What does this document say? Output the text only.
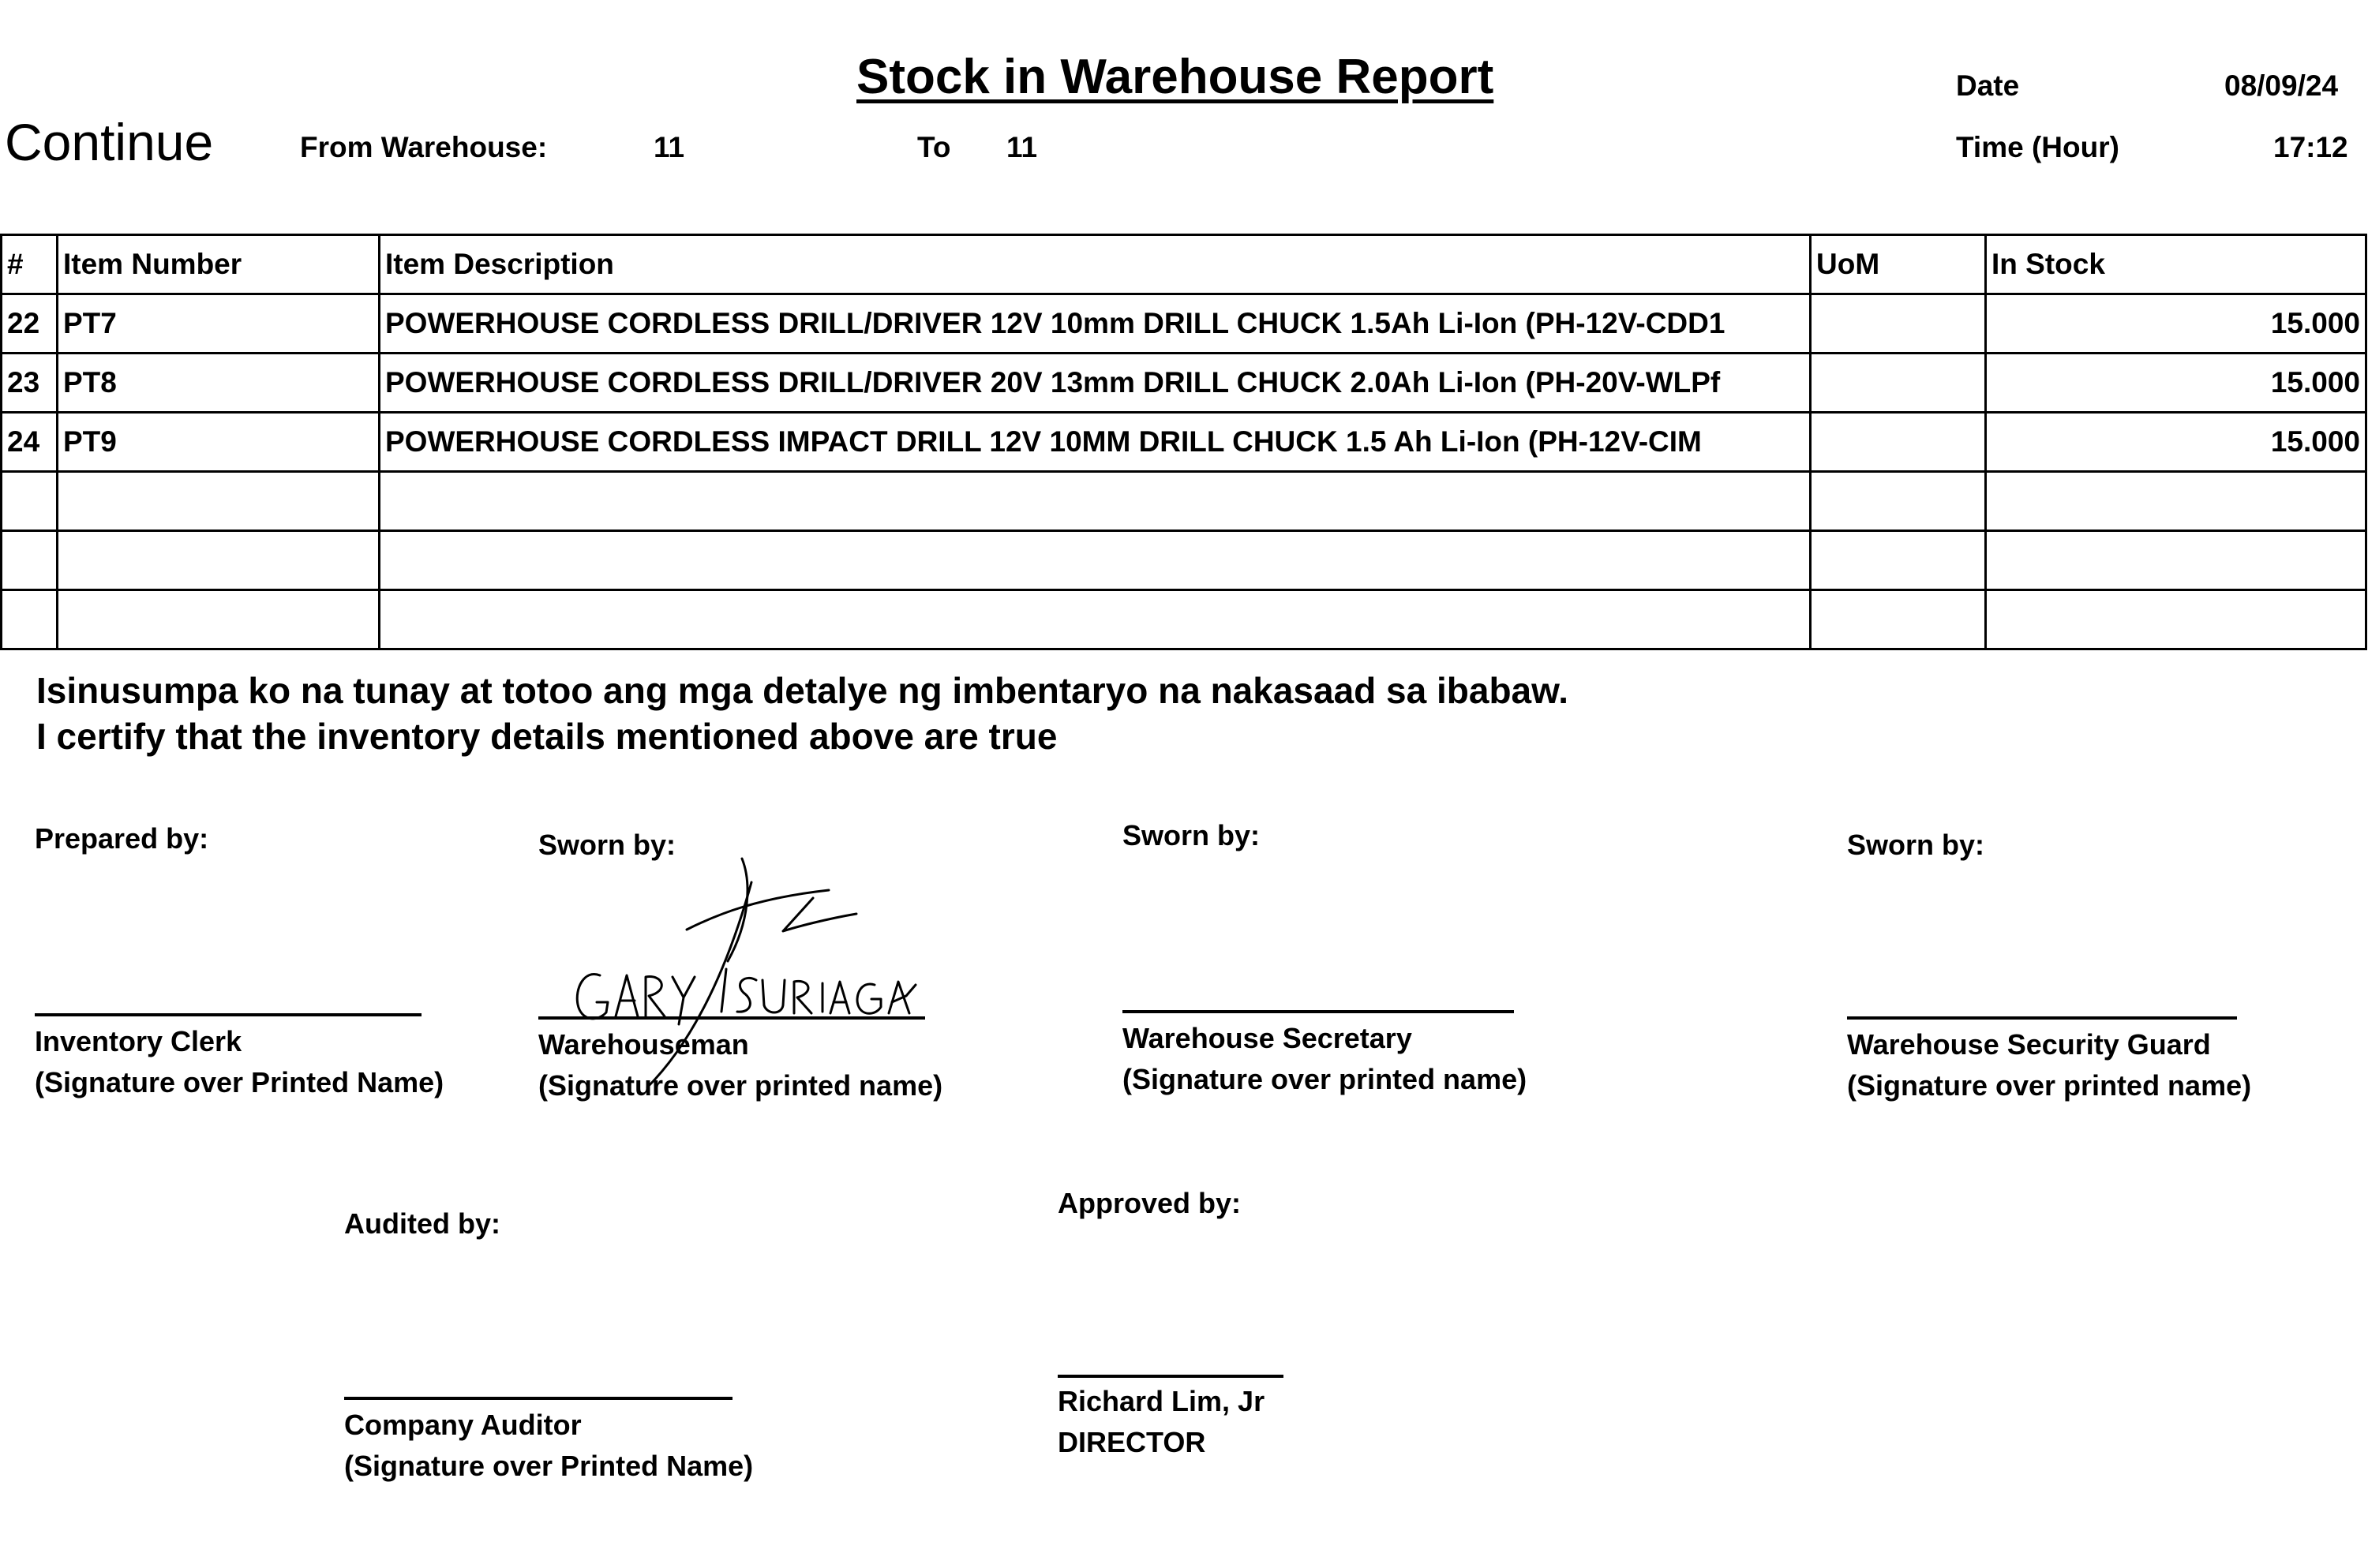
Stock in Warehouse Report
Continue	From Warehouse:	11	To 11
Date	08/09/24
Time (Hour)	17:12
#	Item Number	Item Description	UoM	In Stock
22	PT7	POWERHOUSE CORDLESS DRILL/DRIVER 12V 10mm DRILL CHUCK 1.5Ah Li-Ion (PH-12V-CDD1		15.000
23	PT8	POWERHOUSE CORDLESS DRILL/DRIVER 20V 13mm DRILL CHUCK 2.0Ah Li-Ion (PH-20V-WLPf		15.000
24	PT9	POWERHOUSE CORDLESS IMPACT DRILL 12V 10MM DRILL CHUCK 1.5 Ah Li-Ion (PH-12V-CIM		15.000

Isinusumpa ko na tunay at totoo ang mga detalye ng imbentaryo na nakasaad sa ibabaw.
I certify that the inventory details mentioned above are true
Prepared by:
Inventory Clerk
(Signature over Printed Name)
Sworn by:
Warehouseman
(Signature over printed name)
Sworn by:
Warehouse Secretary
(Signature over printed name)
Sworn by:
Warehouse Security Guard
(Signature over printed name)
Audited by:
Company Auditor
(Signature over Printed Name)
Approved by:
Richard Lim, Jr
DIRECTOR
